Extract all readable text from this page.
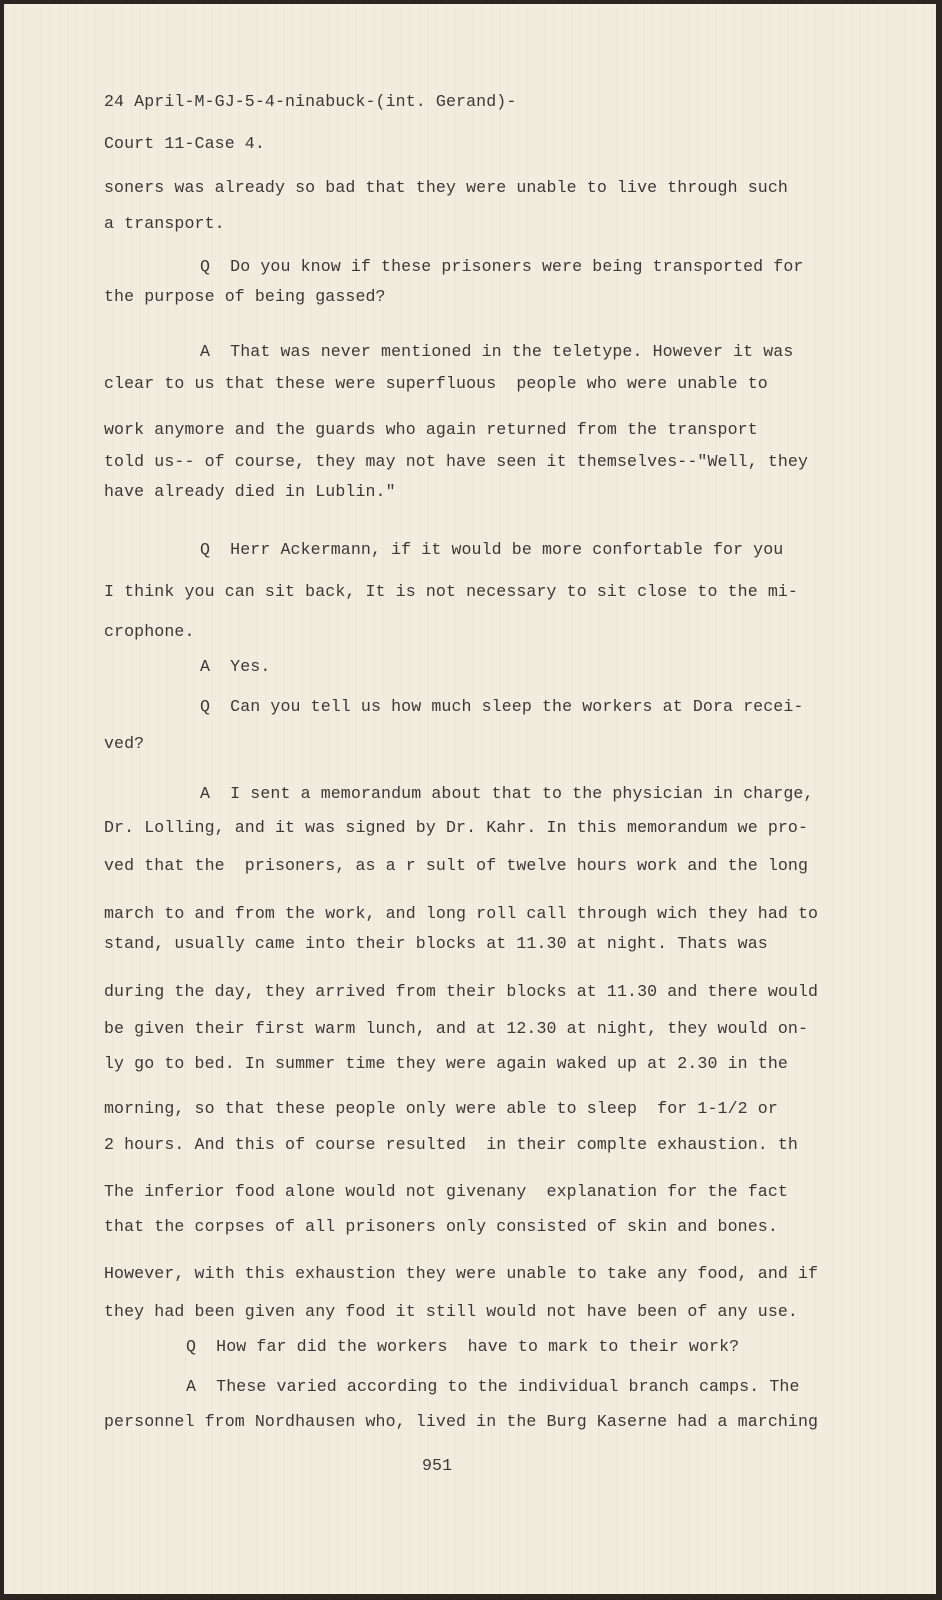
24 April-M-GJ-5-4-ninabuck-(int. Gerand)-
Court 11-Case 4.
soners was already so bad that they were unable to live through such
a transport.
Q  Do you know if these prisoners were being transported for
the purpose of being gassed?
A  That was never mentioned in the teletype. However it was
clear to us that these were superfluous  people who were unable to
work anymore and the guards who again returned from the transport
told us-- of course, they may not have seen it themselves--"Well, they
have already died in Lublin."
Q  Herr Ackermann, if it would be more confortable for you
I think you can sit back, It is not necessary to sit close to the mi-
crophone.
A  Yes.
Q  Can you tell us how much sleep the workers at Dora recei-
ved?
A  I sent a memorandum about that to the physician in charge,
Dr. Lolling, and it was signed by Dr. Kahr. In this memorandum we pro-
ved that the  prisoners, as a r sult of twelve hours work and the long
march to and from the work, and long roll call through wich they had to
stand, usually came into their blocks at 11.30 at night. Thats was
during the day, they arrived from their blocks at 11.30 and there would
be given their first warm lunch, and at 12.30 at night, they would on-
ly go to bed. In summer time they were again waked up at 2.30 in the
morning, so that these people only were able to sleep  for 1-1/2 or
2 hours. And this of course resulted  in their complte exhaustion. th
The inferior food alone would not givenany  explanation for the fact
that the corpses of all prisoners only consisted of skin and bones.
However, with this exhaustion they were unable to take any food, and if
they had been given any food it still would not have been of any use.
Q  How far did the workers  have to mark to their work?
A  These varied according to the individual branch camps. The
personnel from Nordhausen who, lived in the Burg Kaserne had a marching
951
